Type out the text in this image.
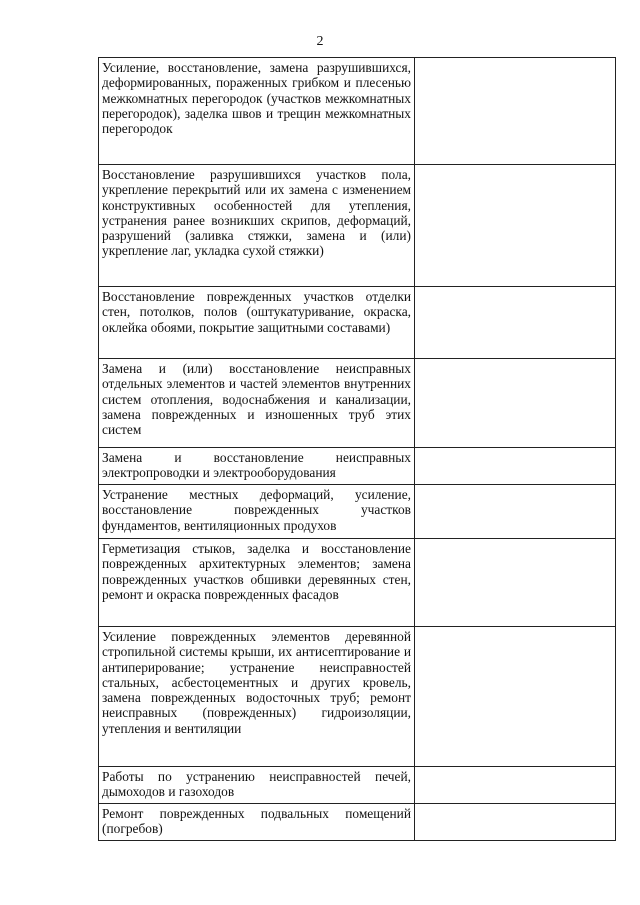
2
Усиление, восстановление, замена разрушившихся, деформированных, пораженных грибком и плесенью межкомнатных перегородок (участков межкомнатных перегородок), заделка швов и трещин межкомнатных перегородок	

Восстановление разрушившихся участков пола, укрепление перекрытий или их замена с изменением конструктивных особенностей для утепления, устранения ранее возникших скрипов, деформаций, разрушений (заливка стяжки, замена и (или) укрепление лаг, укладка сухой стяжки)	

Восстановление поврежденных участков отделки стен, потолков, полов (оштукатуривание, окраска, оклейка обоями, покрытие защитными составами)	

Замена и (или) восстановление неисправных отдельных элементов и частей элементов внутренних систем отопления, водоснабжения и канализации, замена поврежденных и изношенных труб этих систем	

Замена и восстановление неисправных электропроводки и электрооборудования	

Устранение местных деформаций, усиление, восстановление поврежденных участков фундаментов, вентиляционных продухов	

Герметизация стыков, заделка и восстановление поврежденных архитектурных элементов; замена поврежденных участков обшивки деревянных стен, ремонт и окраска поврежденных фасадов	

Усиление поврежденных элементов деревянной стропильной системы крыши, их антисептирование и антиперирование; устранение неисправностей стальных, асбестоцементных и других кровель, замена поврежденных водосточных труб; ремонт неисправных (поврежденных) гидроизоляции, утепления и вентиляции	

Работы по устранению неисправностей печей, дымоходов и газоходов	

Ремонт поврежденных подвальных помещений (погребов)	
